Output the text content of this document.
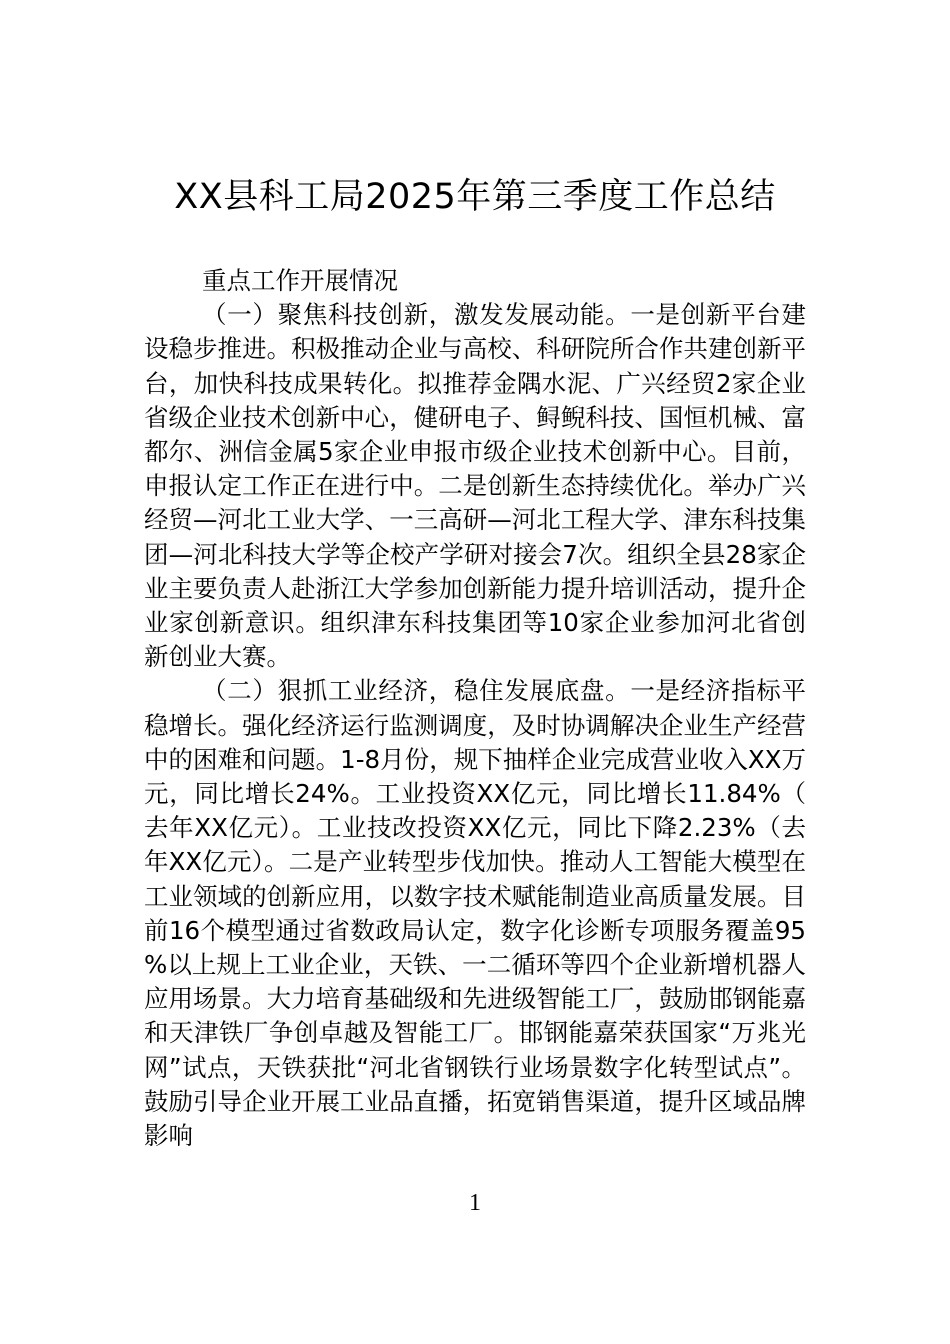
XX县科工局2025年第三季度工作总结

重点工作开展情况

（一）聚焦科技创新，激发发展动能。一是创新平台建设稳步推进。积极推动企业与高校、科研院所合作共建创新平台，加快科技成果转化。拟推荐金隅水泥、广兴经贸2家企业省级企业技术创新中心，健研电子、鲟鲵科技、国恒机械、富都尔、洲信金属5家企业申报市级企业技术创新中心。目前，申报认定工作正在进行中。二是创新生态持续优化。举办广兴经贸—河北工业大学、一三高研—河北工程大学、津东科技集团—河北科技大学等企校产学研对接会7次。组织全县28家企业主要负责人赴浙江大学参加创新能力提升培训活动，提升企业家创新意识。组织津东科技集团等10家企业参加河北省创新创业大赛。

（二）狠抓工业经济，稳住发展底盘。一是经济指标平稳增长。强化经济运行监测调度，及时协调解决企业生产经营中的困难和问题。1-8月份，规下抽样企业完成营业收入XX万元，同比增长24%。工业投资XX亿元，同比增长11.84%（去年XX亿元）。工业技改投资XX亿元，同比下降2.23%（去年XX亿元）。二是产业转型步伐加快。推动人工智能大模型在工业领域的创新应用，以数字技术赋能制造业高质量发展。目前16个模型通过省数政局认定，数字化诊断专项服务覆盖95%以上规上工业企业，天铁、一二循环等四个企业新增机器人应用场景。大力培育基础级和先进级智能工厂，鼓励邯钢能嘉和天津铁厂争创卓越及智能工厂。邯钢能嘉荣获国家“万兆光网”试点，天铁获批“河北省钢铁行业场景数字化转型试点”。鼓励引导企业开展工业品直播，拓宽销售渠道，提升区域品牌影响

1
